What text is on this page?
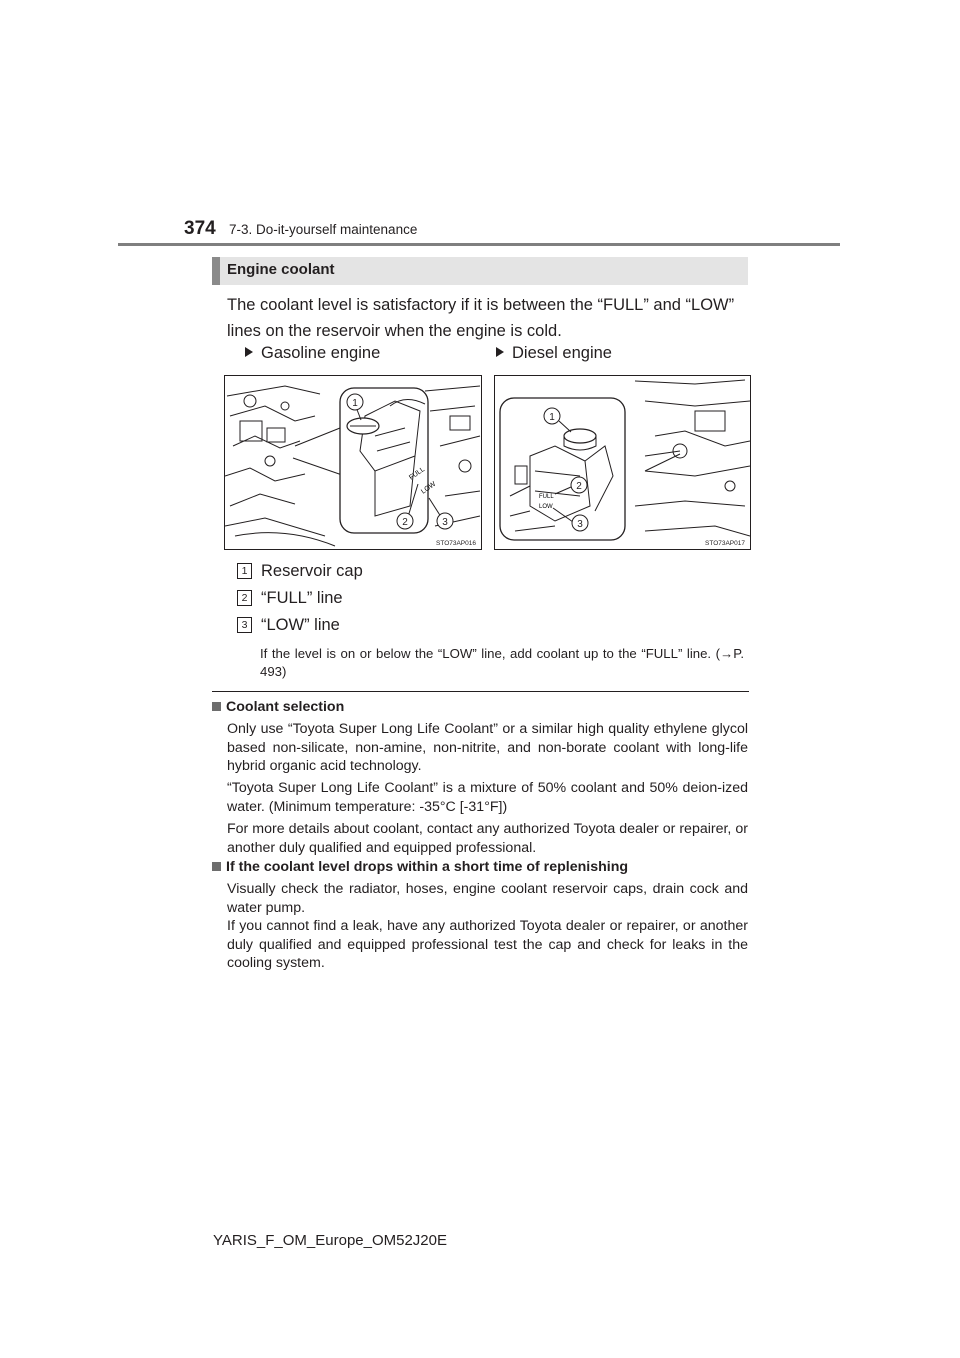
374 7-3. Do-it-yourself maintenance
Engine coolant
The coolant level is satisfactory if it is between the “FULL” and “LOW” lines on the reservoir when the engine is cold.
Gasoline engine	Diesel engine
FULL
LOW
1
2	3
STO73AP016
FULL
LOW
1
2
3
STO73AP017
1 Reservoir cap
2 “FULL” line
3 “LOW” line
If the level is on or below the “LOW” line, add coolant up to the “FULL” line. (→P. 493)
Coolant selection
Only use “Toyota Super Long Life Coolant” or a similar high quality ethylene glycol based non-silicate, non-amine, non-nitrite, and non-borate coolant with long-life hybrid organic acid technology.
“Toyota Super Long Life Coolant” is a mixture of 50% coolant and 50% deion-ized water. (Minimum temperature: -35°C [-31°F])
For more details about coolant, contact any authorized Toyota dealer or repairer, or another duly qualified and equipped professional.
If the coolant level drops within a short time of replenishing
Visually check the radiator, hoses, engine coolant reservoir caps, drain cock and water pump.
If you cannot find a leak, have any authorized Toyota dealer or repairer, or another duly qualified and equipped professional test the cap and check for leaks in the cooling system.
YARIS_F_OM_Europe_OM52J20E
